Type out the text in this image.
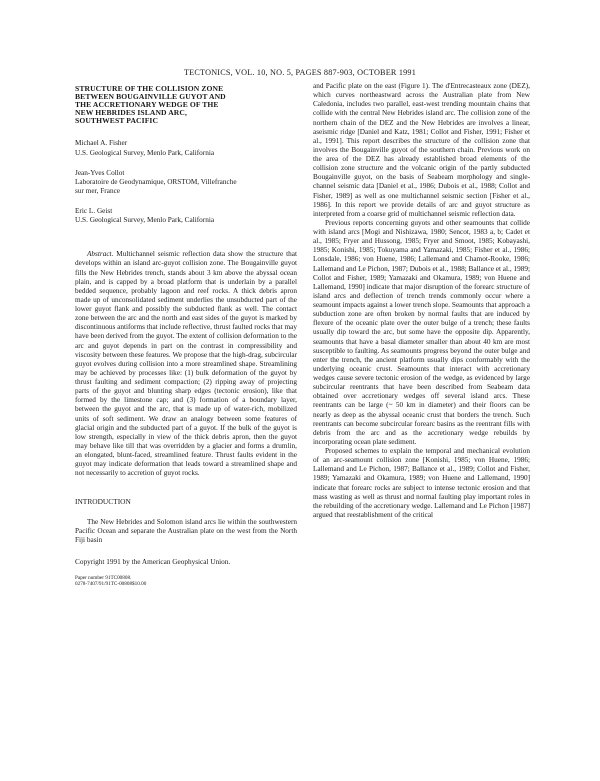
TECTONICS, VOL. 10, NO. 5, PAGES 887-903, OCTOBER 1991
STRUCTURE OF THE COLLISION ZONE
BETWEEN BOUGAINVILLE GUYOT AND
THE ACCRETIONARY WEDGE OF THE
NEW HEBRIDES ISLAND ARC,
SOUTHWEST PACIFIC
Michael A. Fisher
U.S. Geological Survey, Menlo Park, California
Jean-Yves Collot
Laboratoire de Geodynamique, ORSTOM, Villefranche
sur mer, France
Eric L. Geist
U.S. Geological Survey, Menlo Park, California

Abstract. Multichannel seismic reflection data show the structure that develops within an island arc-guyot collision zone. The Bougainville guyot fills the New Hebrides trench, stands about 3 km above the abyssal ocean plain, and is capped by a broad platform that is underlain by a parallel bedded sequence, probably lagoon and reef rocks. A thick debris apron made up of unconsolidated sediment underlies the unsubducted part of the lower guyot flank and possibly the subducted flank as well. The contact zone between the arc and the north and east sides of the guyot is marked by discontinuous antiforms that include reflective, thrust faulted rocks that may have been derived from the guyot. The extent of collision deformation to the arc and guyot depends in part on the contrast in compressibility and viscosity between these features. We propose that the high-drag, subcircular guyot evolves during collision into a more streamlined shape. Streamlining may be achieved by processes like: (1) bulk deformation of the guyot by thrust faulting and sediment compaction; (2) ripping away of projecting parts of the guyot and blunting sharp edges (tectonic erosion), like that formed by the limestone cap; and (3) formation of a boundary layer, between the guyot and the arc, that is made up of water-rich, mobilized units of soft sediment. We draw an analogy between some features of glacial origin and the subducted part of a guyot. If the bulk of the guyot is low strength, especially in view of the thick debris apron, then the guyot may behave like till that was overridden by a glacier and forms a drumlin, an elongated, blunt-faced, streamlined feature. Thrust faults evident in the guyot may indicate deformation that leads toward a streamlined shape and not necessarily to accretion of guyot rocks.

INTRODUCTION

The New Hebrides and Solomon island arcs lie within the southwestern Pacific Ocean and separate the Australian plate on the west from the North Fiji basin

Copyright 1991 by the American Geophysical Union.
Paper number 91TC00808.
0278-7407/91/91TC-00808$10.00

and Pacific plate on the east (Figure 1). The d'Entrecasteaux zone (DEZ), which curves northeastward across the Australian plate from New Caledonia, includes two parallel, east-west trending mountain chains that collide with the central New Hebrides island arc. The collision zone of the northern chain of the DEZ and the New Hebrides are involves a linear, aseismic ridge [Daniel and Katz, 1981; Collot and Fisher, 1991; Fisher et al., 1991]. This report describes the structure of the collision zone that involves the Bougainville guyot of the southern chain. Previous work on the area of the DEZ has already established broad elements of the collision zone structure and the volcanic origin of the partly subducted Bougainville guyot, on the basis of Seabeam morphology and single-channel seismic data [Daniel et al., 1986; Dubois et al., 1988; Collot and Fisher, 1989] as well as one multichannel seismic section [Fisher et al., 1986]. In this report we provide details of arc and guyot structure as interpreted from a coarse grid of multichannel seismic reflection data.

Previous reports concerning guyots and other seamounts that collide with island arcs [Mogi and Nishizawa, 1980; Sencot, 1983 a, b; Cadet et al., 1985; Fryer and Hussong, 1985; Fryer and Smoot, 1985; Kobayashi, 1985; Konishi, 1985; Tokuyama and Yamazaki, 1985; Fisher et al., 1986; Lonsdale, 1986; von Huene, 1986; Lallemand and Chamot-Rooke, 1986; Lallemand and Le Pichon, 1987; Dubois et al., 1988; Ballance et al., 1989; Collot and Fisher, 1989; Yamazaki and Okamura, 1989; von Huene and Lallemand, 1990] indicate that major disruption of the forearc structure of island arcs and deflection of trench trends commonly occur where a seamount impacts against a lower trench slope. Seamounts that approach a subduction zone are often broken by normal faults that are induced by flexure of the oceanic plate over the outer bulge of a trench; these faults usually dip toward the arc, but some have the opposite dip. Apparently, seamounts that have a basal diameter smaller than about 40 km are most susceptible to faulting. As seamounts progress beyond the outer bulge and enter the trench, the ancient platform usually dips conformably with the underlying oceanic crust. Seamounts that interact with accretionary wedges cause severe tectonic erosion of the wedge, as evidenced by large subcircular reentrants that have been described from Seabeam data obtained over accretionary wedges off several island arcs. These reentrants can be large (~ 50 km in diameter) and their floors can be nearly as deep as the abyssal oceanic crust that borders the trench. Such reentrants can become subcircular forearc basins as the reentrant fills with debris from the arc and as the accretionary wedge rebuilds by incorporating ocean plate sediment.

Proposed schemes to explain the temporal and mechanical evolution of an arc-seamount collision zone [Konishi, 1985; von Huene, 1986; Lallemand and Le Pichon, 1987; Ballance et al., 1989; Collot and Fisher, 1989; Yamazaki and Okamura, 1989; von Huene and Lallemand, 1990] indicate that forearc rocks are subject to intense tectonic erosion and that mass wasting as well as thrust and normal faulting play important roles in the rebuilding of the accretionary wedge. Lallemand and Le Pichon [1987] argued that reestablishment of the critical
